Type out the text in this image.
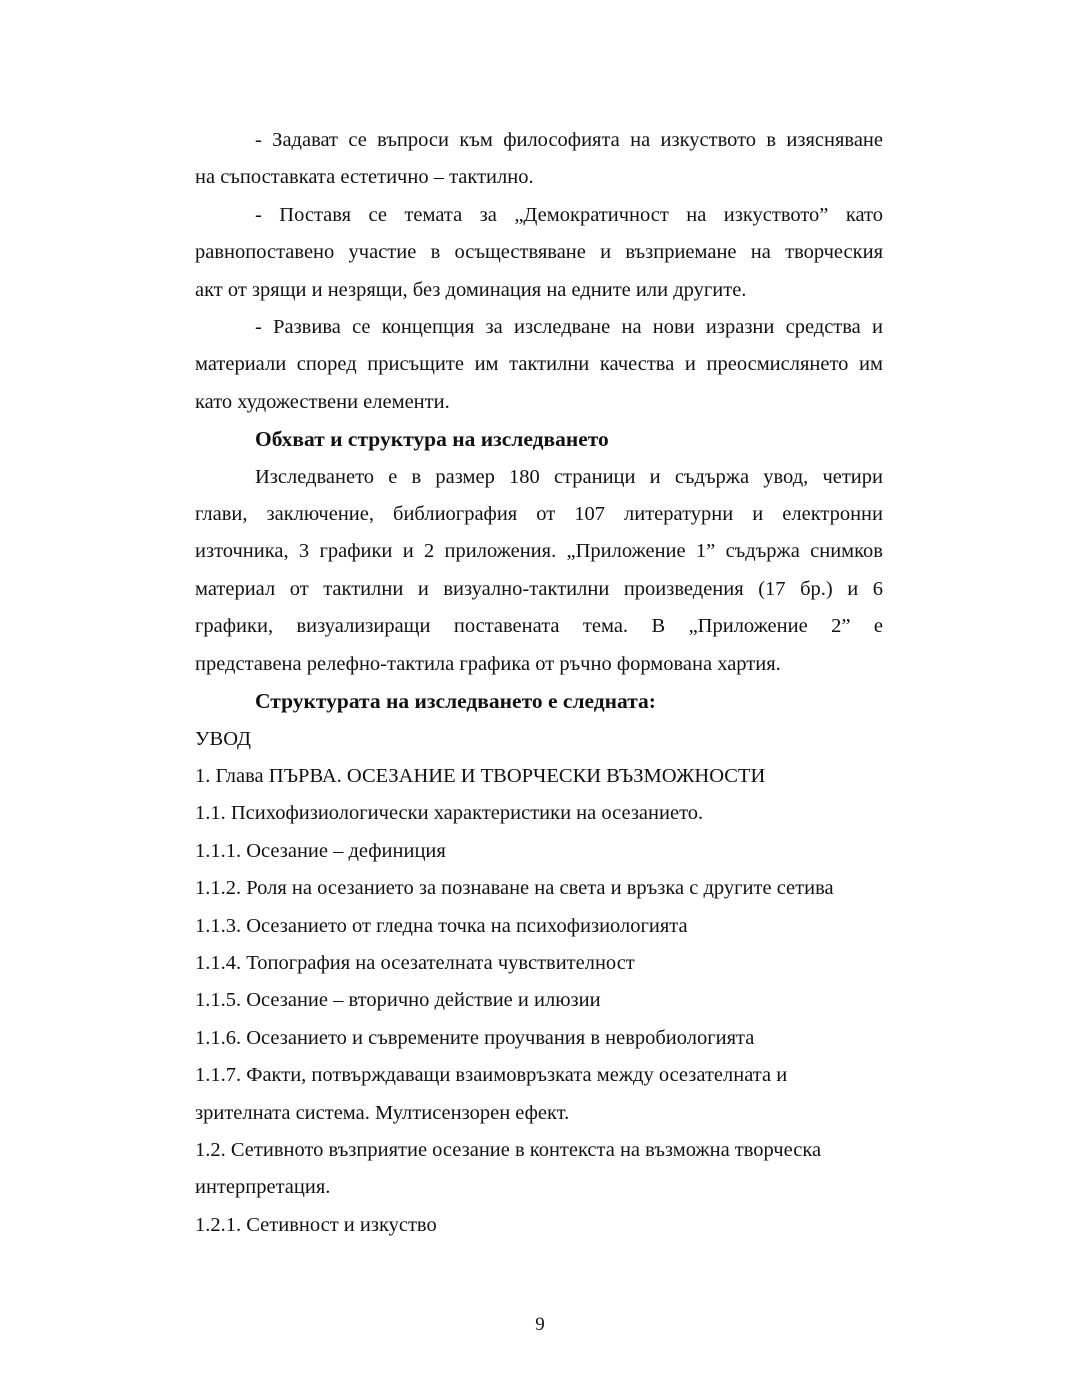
- Задават се въпроси към философията на изкуството в изясняване
на съпоставката естетично – тактилно.

- Поставя се темата за „Демократичност на изкуството” като
равнопоставено участие в осъществяване и възприемане на творческия
акт от зрящи и незрящи, без доминация на едните или другите.

- Развива се концепция за изследване на нови изразни средства и
материали според присъщите им тактилни качества и преосмислянето им
като художествени елементи.

Обхват и структура на изследването

Изследването е в размер 180 страници и съдържа увод, четири
глави, заключение, библиография от 107 литературни и електронни
източника, 3 графики и 2 приложения. „Приложение 1” съдържа снимков
материал от тактилни и визуално-тактилни произведения (17 бр.) и 6
графики, визуализиращи поставената тема. В „Приложение 2” е
представена релефно-тактила графика от ръчно формована хартия.

Структурата на изследването е следната:

УВОД
1. Глава ПЪРВА. ОСЕЗАНИЕ И ТВОРЧЕСКИ ВЪЗМОЖНОСТИ
1.1. Психофизиологически характеристики на осезанието.
1.1.1. Осезание – дефиниция
1.1.2. Роля на осезанието за познаване на света и връзка с другите сетива
1.1.3. Осезанието от гледна точка на психофизиологията
1.1.4. Топография на осезателната чувствителност
1.1.5. Осезание – вторично действие и илюзии
1.1.6. Осезанието и съвремените проучвания в невробиологията
1.1.7. Факти, потвърждаващи взаимовръзката между осезателната и
зрителната система. Мултисензорен ефект.
1.2. Сетивното възприятие осезание в контекста на възможна творческа
интерпретация.
1.2.1. Сетивност и изкуство
9
